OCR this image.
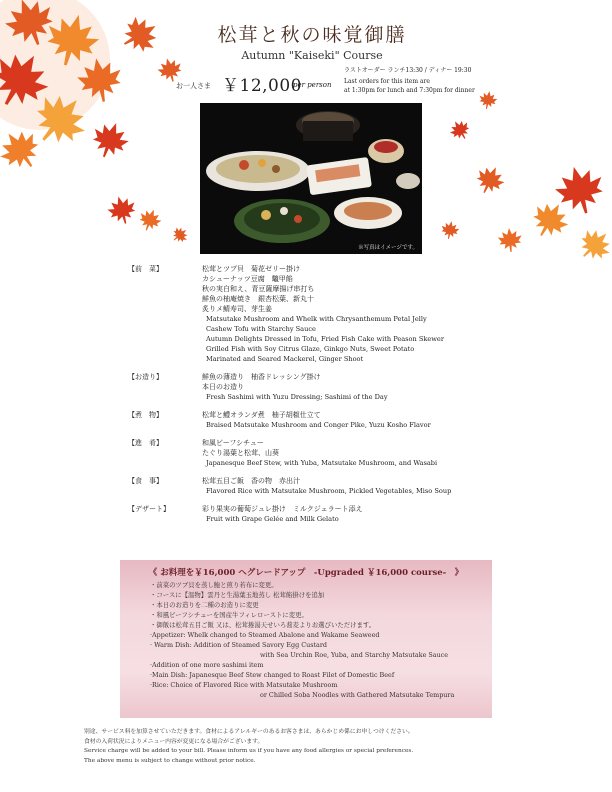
松茸と秋の味覚御膳
Autumn "Kaiseki" Course
お一人さま ￥12,000
per person
ラストオーダー ランチ13:30 / ディナー 19:30
Last orders for this item are
at 1:30pm for lunch and 7:30pm for dinner
※写真はイメージです。
【前　菜】	松茸とツブ貝　菊花ゼリー掛け
カシューナッツ豆腐　鼈甲餡
秋の実白和え、青豆薩摩揚げ串打ち
鮮魚の柚庵焼き　銀杏松葉、新丸十
炙りメ鯖寿司、芽生姜
Matsutake Mushroom and Whelk with Chrysanthemum Petal Jelly
Cashew Tofu with Starchy Sauce
Autumn Delights Dressed in Tofu, Fried Fish Cake with Peason Skewer
Grilled Fish with Soy Citrus Glaze, Ginkgo Nuts, Sweet Potato
Marinated and Seared Mackerel, Ginger Shoot
【お造り】	鮮魚の薄造り　柚香ドレッシング掛け
本日のお造り
Fresh Sashimi with Yuzu Dressing; Sashimi of the Day
【煮　物】	松茸と鱧オランダ煮　柚子胡椒仕立て
Braised Matsutake Mushroom and Conger Pike, Yuzu Kosho Flavor
【進　肴】	和風ビーフシチュー
たぐり湯葉と松茸、山葵
Japanesque Beef Stew, with Yuba, Matsutake Mushroom, and Wasabi
【食　事】	松茸五目ご飯　香の物　赤出汁
Flavored Rice with Matsutake Mushroom, Pickled Vegetables, Miso Soup
【デザート】	彩り果実の葡萄ジュレ掛け　ミルクジェラート添え
Fruit with Grape Gelée and Milk Gelato
《 お料理を￥16,000 へグレードアップ　-Upgraded ￥16,000 course-　》
・前菜のツブ貝を蒸し鮑と煎り若布に変更。
・コースに【温物】雲丹と生湯葉玉地蒸し 松茸餡掛けを追加
・本日のお造りを二種のお造りに変更
・和風ビーフシチューを国産牛フィレローストに変更。
・御飯は松茸五目ご飯 又は、松茸捲湯天せいろ蕎麦よりお選びいただけます。
·Appetizer: Whelk changed to Steamed Abalone and Wakame Seaweed
· Warm Dish: Addition of Steamed Savory Egg Custard
with Sea Urchin Roe, Yuba, and Starchy Matsutake Sauce
·Addition of one more sashimi item
·Main Dish: Japanesque Beef Stew changed to Roast Filet of Domestic Beef
·Rice: Choice of Flavored Rice with Matsutake Mushroom
or Chilled Soba Noodles with Gathered Matsutake Tempura
別途、サービス料を加算させていただきます。食材によるアレルギーのあるお客さまは、あらかじめ係にお申しつけください。
食材の入荷状況によりメニュー内容が変更になる場合がございます。
Service charge will be added to your bill. Please inform us if you have any food allergies or special preferences.
The above menu is subject to change without prior notice.
